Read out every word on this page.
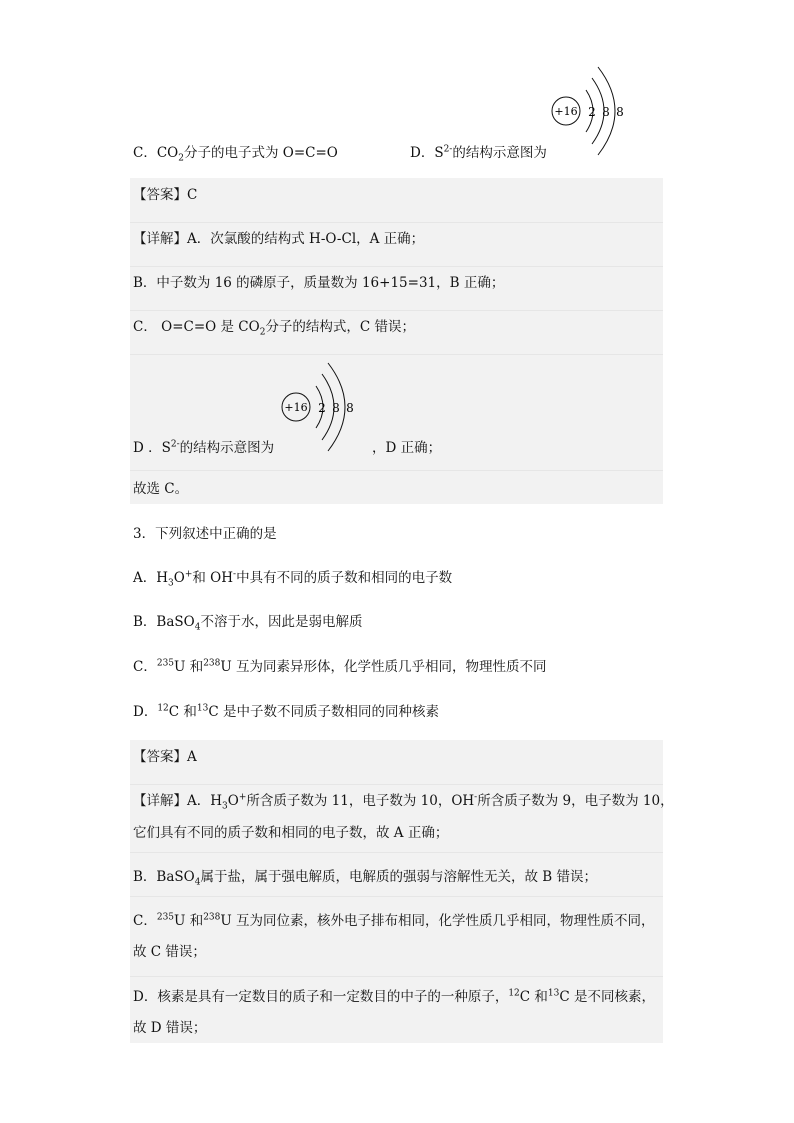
C．$CO_2$分子的电子式为 O=C=O	D．$S^{2-}$的结构示意图为
+16 2 8 8
【答案】C
【详解】A．次氯酸的结构式 H-O-Cl，A 正确；
B．中子数为 16 的磷原子，质量数为 16+15=31，B 正确；
C． O=C=O 是 $CO_2$分子的结构式，C 错误；
D ．$S^{2-}$的结构示意图为	，D 正确；
+16 2 8 8
故选 C。
3．下列叙述中正确的是
A．$H_3O^+$和 OH-中具有不同的质子数和相同的电子数
B．BaSO$_4$不溶于水，因此是弱电解质
C．$^{235}$U 和$^{238}$U 互为同素异形体，化学性质几乎相同，物理性质不同
D．$^{12}$C 和$^{13}$C 是中子数不同质子数相同的同种核素
【答案】A
【详解】A．$H_3O^+$所含质子数为 11，电子数为 10，OH-所含质子数为 9，电子数为 10，
它们具有不同的质子数和相同的电子数，故 A 正确；
B．BaSO$_4$属于盐，属于强电解质，电解质的强弱与溶解性无关，故 B 错误；
C．$^{235}$U 和$^{238}$U 互为同位素，核外电子排布相同，化学性质几乎相同，物理性质不同，
故 C 错误；
D．核素是具有一定数目的质子和一定数目的中子的一种原子，$^{12}$C 和$^{13}$C 是不同核素，
故 D 错误；
